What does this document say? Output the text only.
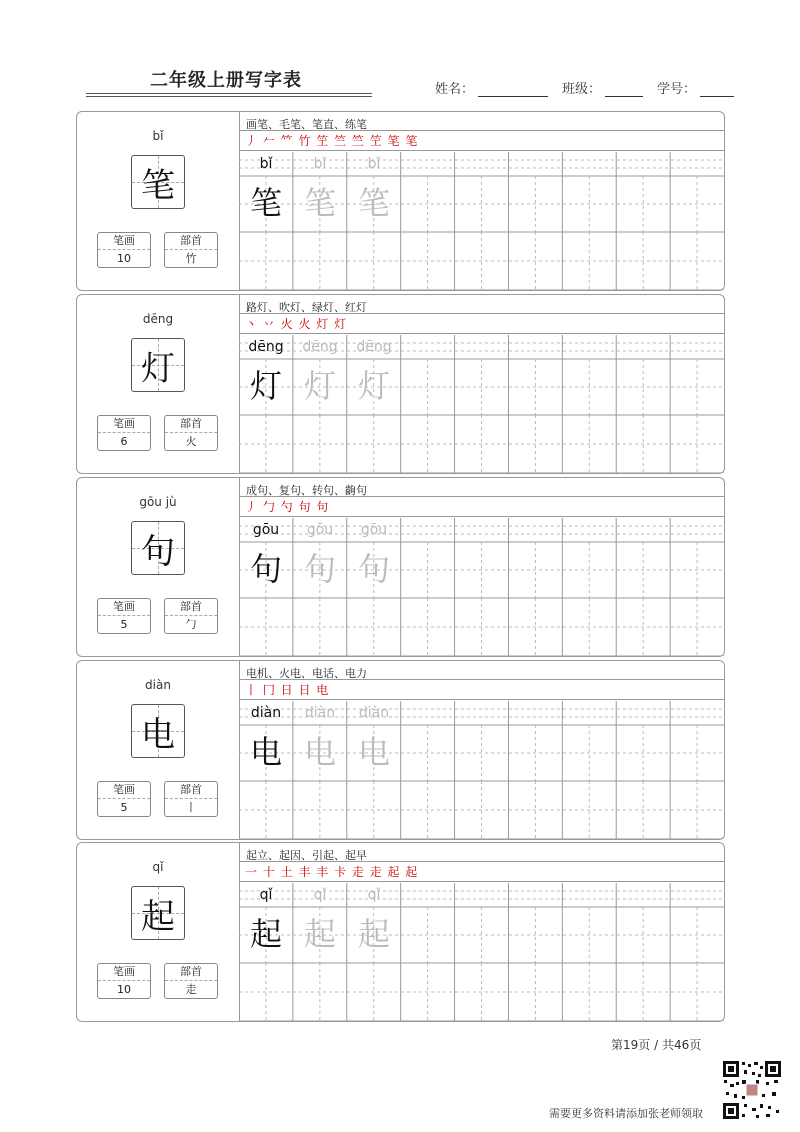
二年级上册写字表	姓名：	班级：	学号：
bǐ
笔
笔画
10
部首
竹
画笔、毛笔、笔直、练笔
丿 𠂉 𥫗 竹 笁 竺 竺 笁 笔 笔
bǐ	bǐ	bǐ
笔 笔 笔
dēng
灯
笔画
6
部首
火
路灯、吹灯、绿灯、红灯
丶 丷 火 火 灯 灯
dēng	dēng	dēng
灯 灯 灯
gōu jù
句
笔画
5
部首
勹
成句、复句、转句、齣句
丿 勹 勺 句 句
gōu	gōu	gōu
句 句 句
diàn
电
笔画
5
部首
丨
电机、火电、电话、电力
丨 冂 日 日 电
diàn	diàn	diàn
电 电 电
qǐ
起
笔画
10
部首
走
起立、起因、引起、起早
一 十 土 丰 丰 卡 走 走 起 起
qǐ	qǐ	qǐ
起 起 起
第19页 / 共46页
需要更多资料请添加张老师领取
